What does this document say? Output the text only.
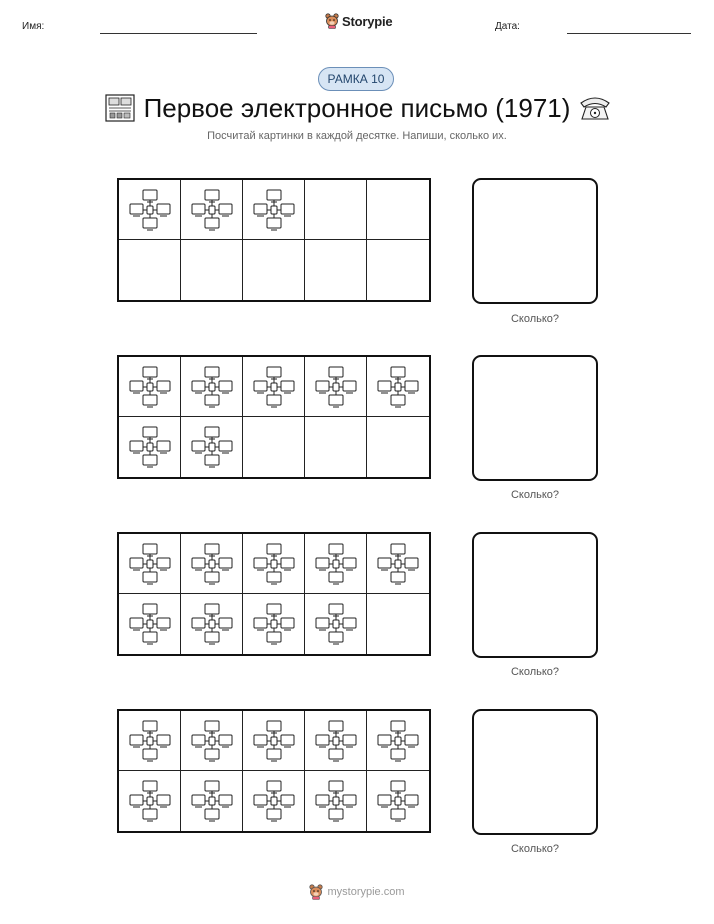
Имя:	Storypie	Дата:
РАМКА 10
Первое электронное письмо (1971)
Посчитай картинки в каждой десятке. Напиши, сколько их.
Сколько?
Сколько?
Сколько?
Сколько?
mystorypie.com
